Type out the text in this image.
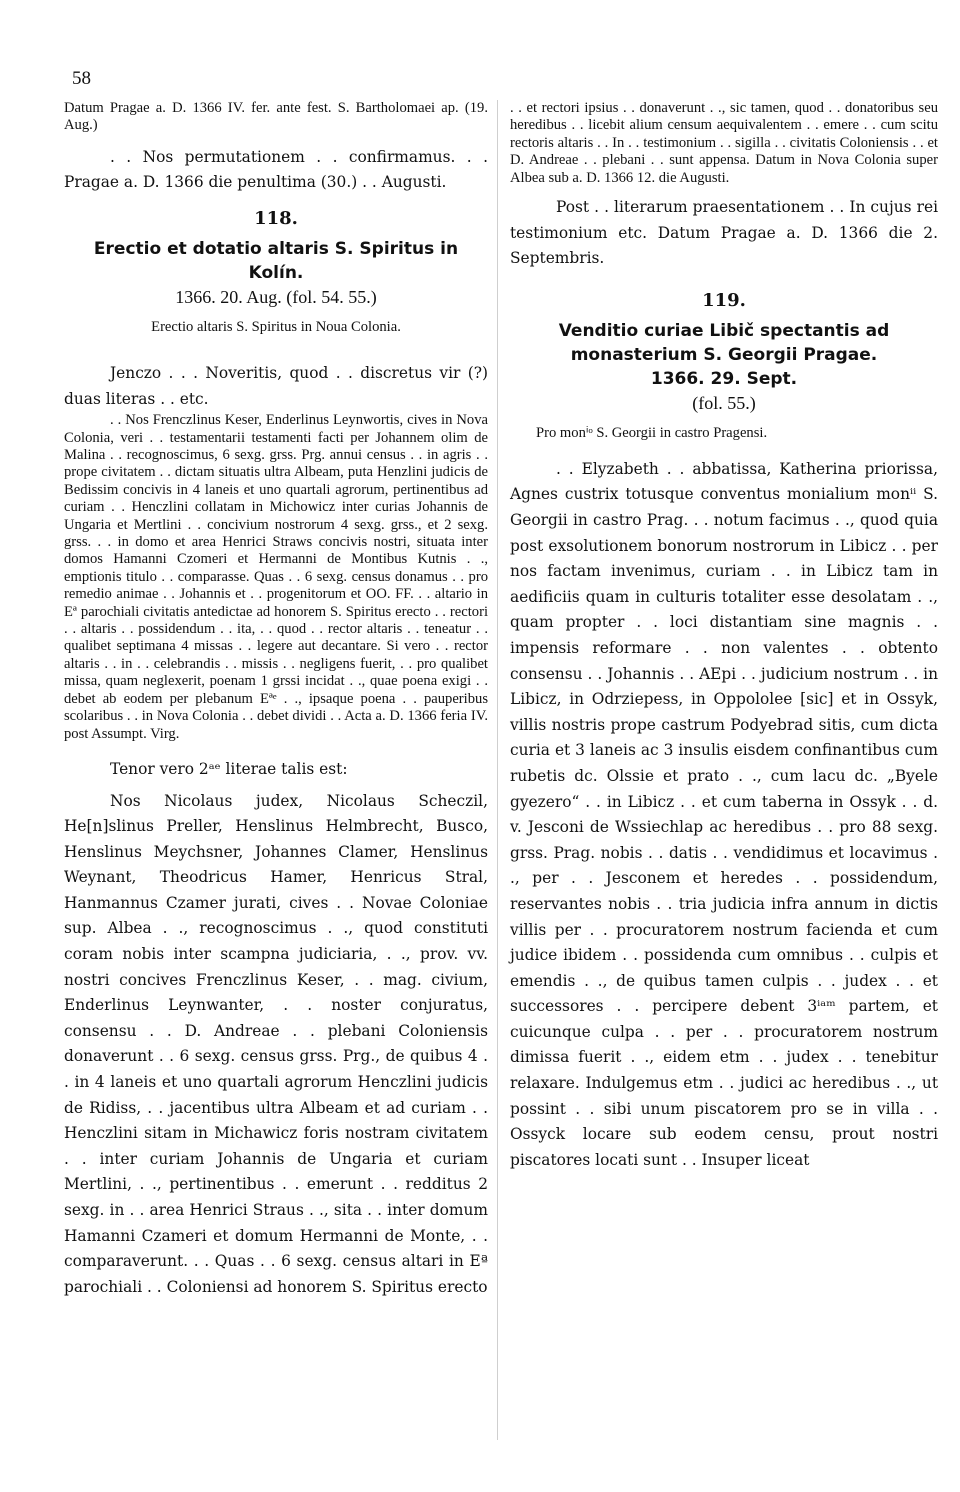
58

Datum Pragae a. D. 1366 IV. fer. ante fest. S. Bartholomaei ap. (19. Aug.)

. . Nos permutationem . . confirmamus. . . Pragae a. D. 1366 die penultima (30.) . . Augusti.

118.
Erectio et dotatio altaris S. Spiritus in Kolín.
1366. 20. Aug. (fol. 54. 55.)
Erectio altaris S. Spiritus in Noua Colonia.

Jenczo . . . Noveritis, quod . . discretus vir (?) duas literas . . etc.

. . Nos Frenczlinus Keser, Enderlinus Leynwortis, cives in Nova Colonia, veri . . testamentarii testamenti facti per Johannem olim de Malina . . recognoscimus, 6 sexg. grss. Prg. annui census . . in agris . . prope civitatem . . dictam situatis ultra Albeam, puta Henzlini judicis de Bedissim concivis in 4 laneis et uno quartali agrorum, pertinentibus ad curiam . . Henczlini collatam in Michowicz inter curias Johannis de Ungaria et Mertlini . . concivium nostrorum 4 sexg. grss., et 2 sexg. grss. . . in domo et area Henrici Straws concivis nostri, situata inter domos Hamanni Czomeri et Hermanni de Montibus Kutnis . ., emptionis titulo . . comparasse. Quas . . 6 sexg. census donamus . . pro remedio animae . . Johannis et . . progenitorum et OO. FF. . . altario in Eª parochiali civitatis antedictae ad honorem S. Spiritus erecto . . rectori . . altaris . . possidendum . . ita, . . quod . . rector altaris . . teneatur . . qualibet septimana 4 missas . . legere aut decantare. Si vero . . rector altaris . . in . . celebrandis . . missis . . negligens fuerit, . . pro qualibet missa, quam neglexerit, poenam 1 grssi incidat . ., quae poena exigi . . debet ab eodem per plebanum Eªᵉ . ., ipsaque poena . . pauperibus scolaribus . . in Nova Colonia . . debet dividi . . Acta a. D. 1366 feria IV. post Assumpt. Virg.

Tenor vero 2ᵃᵉ literae talis est:

Nos Nicolaus judex, Nicolaus Scheczil, He[n]slinus Preller, Henslinus Helmbrecht, Busco, Henslinus Meychsner, Johannes Clamer, Henslinus Weynant, Theodricus Hamer, Henricus Stral, Hanmannus Czamer jurati, cives . . Novae Coloniae sup. Albea . ., recognoscimus . ., quod constituti coram nobis inter scampna judiciaria, . ., prov. vv. nostri concives Frenczlinus Keser, . . mag. civium, Enderlinus Leynwanter, . . noster conjuratus, consensu . . D. Andreae . . plebani Coloniensis donaverunt . . 6 sexg. census grss. Prg., de quibus 4 . . in 4 laneis et uno quartali agrorum Henczlini judicis de Ridiss, . . jacentibus ultra Albeam et ad curiam . . Henczlini sitam in Michawicz foris nostram civitatem . . inter curiam Johannis de Ungaria et curiam Mertlini, . ., pertinentibus . . emerunt . . redditus 2 sexg. in . . area Henrici Straus . ., sita . . inter domum Hamanni Czameri et domum Hermanni de Monte, . . comparaverunt. . . Quas . . 6 sexg. census altari in Eª parochiali . . Coloniensi ad honorem S. Spiritus erecto

. . et rectori ipsius . . donaverunt . ., sic tamen, quod . . donatoribus seu heredibus . . licebit alium censum aequivalentem . . emere . . cum scitu rectoris altaris . . In . . testimonium . . sigilla . . civitatis Coloniensis . . et D. Andreae . . plebani . . sunt appensa. Datum in Nova Colonia super Albea sub a. D. 1366 12. die Augusti.

Post . . literarum praesentationem . . In cujus rei testimonium etc. Datum Pragae a. D. 1366 die 2. Septembris.

119.
Venditio curiae Libič spectantis ad monasterium S. Georgii Pragae.
1366. 29. Sept.
(fol. 55.)
Pro monⁱᵒ S. Georgii in castro Pragensi.

. . Elyzabeth . . abbatissa, Katherina priorissa, Agnes custrix totusque conventus monialium monⁱⁱ S. Georgii in castro Prag. . . notum facimus . ., quod quia post exsolutionem bonorum nostrorum in Libicz . . per nos factam invenimus, curiam . . in Libicz tam in aedificiis quam in culturis totaliter esse desolatam . ., quam propter . . loci distantiam sine magnis . . impensis reformare . . non valentes . . obtento consensu . . Johannis . . AEpi . . judicium nostrum . . in Libicz, in Odrziepess, in Oppololee [sic] et in Ossyk, villis nostris prope castrum Podyebrad sitis, cum dicta curia et 3 laneis ac 3 insulis eisdem confinantibus cum rubetis dc. Olssie et prato . ., cum lacu dc. „Byele gyezero“ . . in Libicz . . et cum taberna in Ossyk . . d. v. Jesconi de Wssiechlap ac heredibus . . pro 88 sexg. grss. Prag. nobis . . datis . . vendidimus et locavimus . ., per . . Jesconem et heredes . . possidendum, reservantes nobis . . tria judicia infra annum in dictis villis per . . procuratorem nostrum facienda et cum judice ibidem . . possidenda cum omnibus . . culpis et emendis . ., de quibus tamen culpis . . judex . . et successores . . percipere debent 3ⁱᵃᵐ partem, et cuicunque culpa . . per . . procuratorem nostrum dimissa fuerit . ., eidem etm . . judex . . tenebitur relaxare. Indulgemus etm . . judici ac heredibus . ., ut possint . . sibi unum piscatorem pro se in villa . . Ossyck locare sub eodem censu, prout nostri piscatores locati sunt . . Insuper liceat
